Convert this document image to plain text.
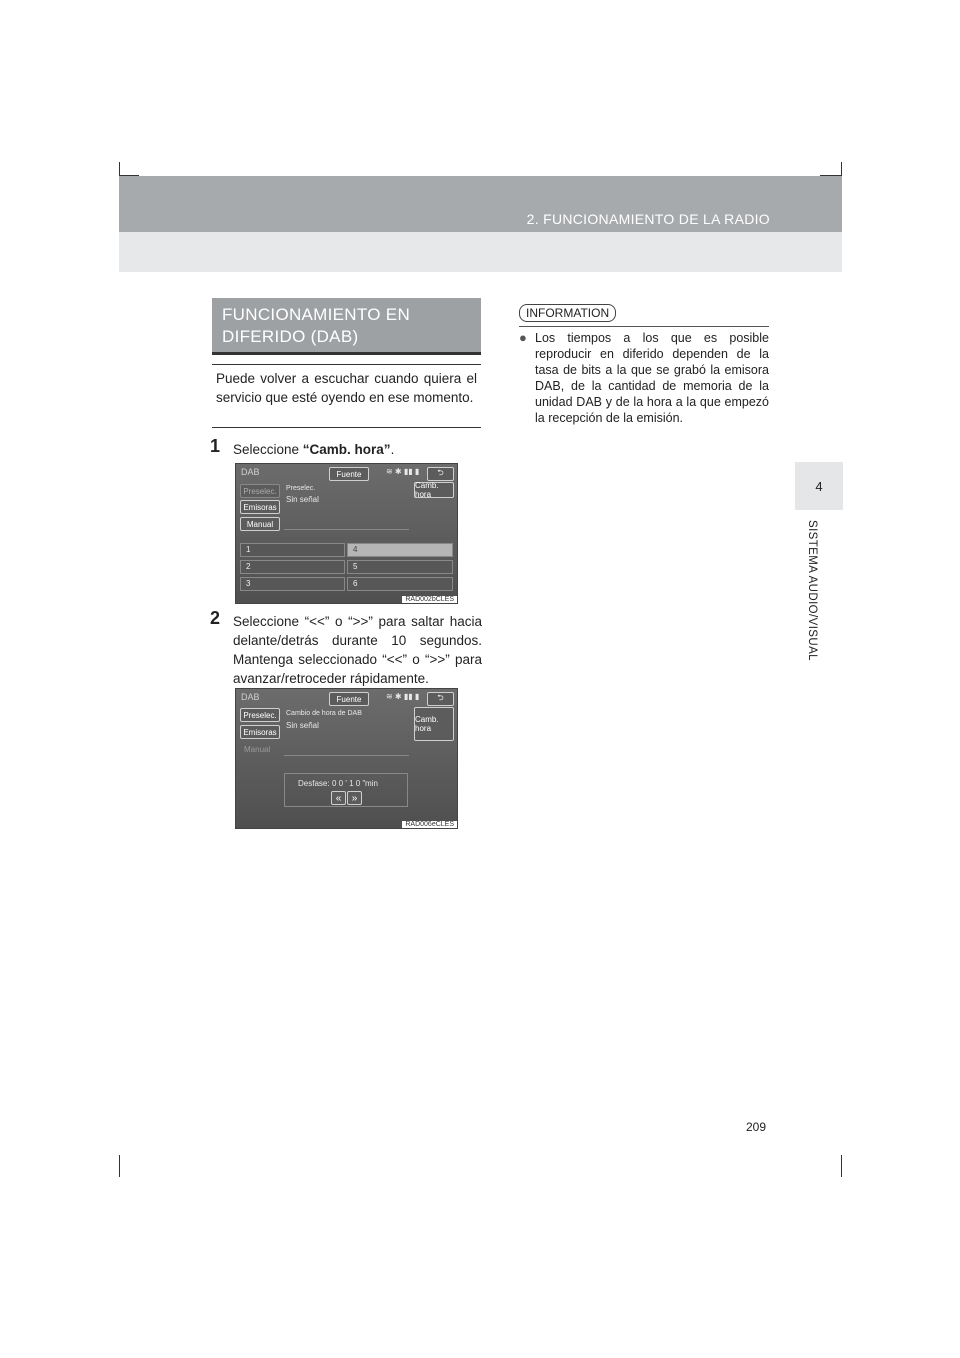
2. FUNCIONAMIENTO DE LA RADIO
4
SISTEMA AUDIO/VISUAL
FUNCIONAMIENTO EN DIFERIDO (DAB)
Puede volver a escuchar cuando quiera el servicio que esté oyendo en ese momento.
1 Seleccione “Camb. hora”.
DAB	Fuente	≋ ✱ ▮▮ ▮	⮌
Preselec.
Emisoras
Manual
Preselec.
Sin señal
Camb. hora
1	4
2	5
3	6
RAD002bCLES
2 Seleccione “<<” o “>>” para saltar hacia delante/detrás durante 10 segundos. Mantenga seleccionado “<<” o “>>” para avanzar/retroceder rápidamente.
DAB	Fuente	≋ ✱ ▮▮ ▮	⮌
Preselec.
Emisoras
Manual
Cambio de hora de DAB
Sin señal
Camb. hora
Desfase: 0 0 ' 1 0 " min
«	»
RAD006eCLES
INFORMATION
● Los tiempos a los que es posible reproducir en diferido dependen de la tasa de bits a la que se grabó la emisora DAB, de la cantidad de memoria de la unidad DAB y de la hora a la que empezó la recepción de la emisión.
209
